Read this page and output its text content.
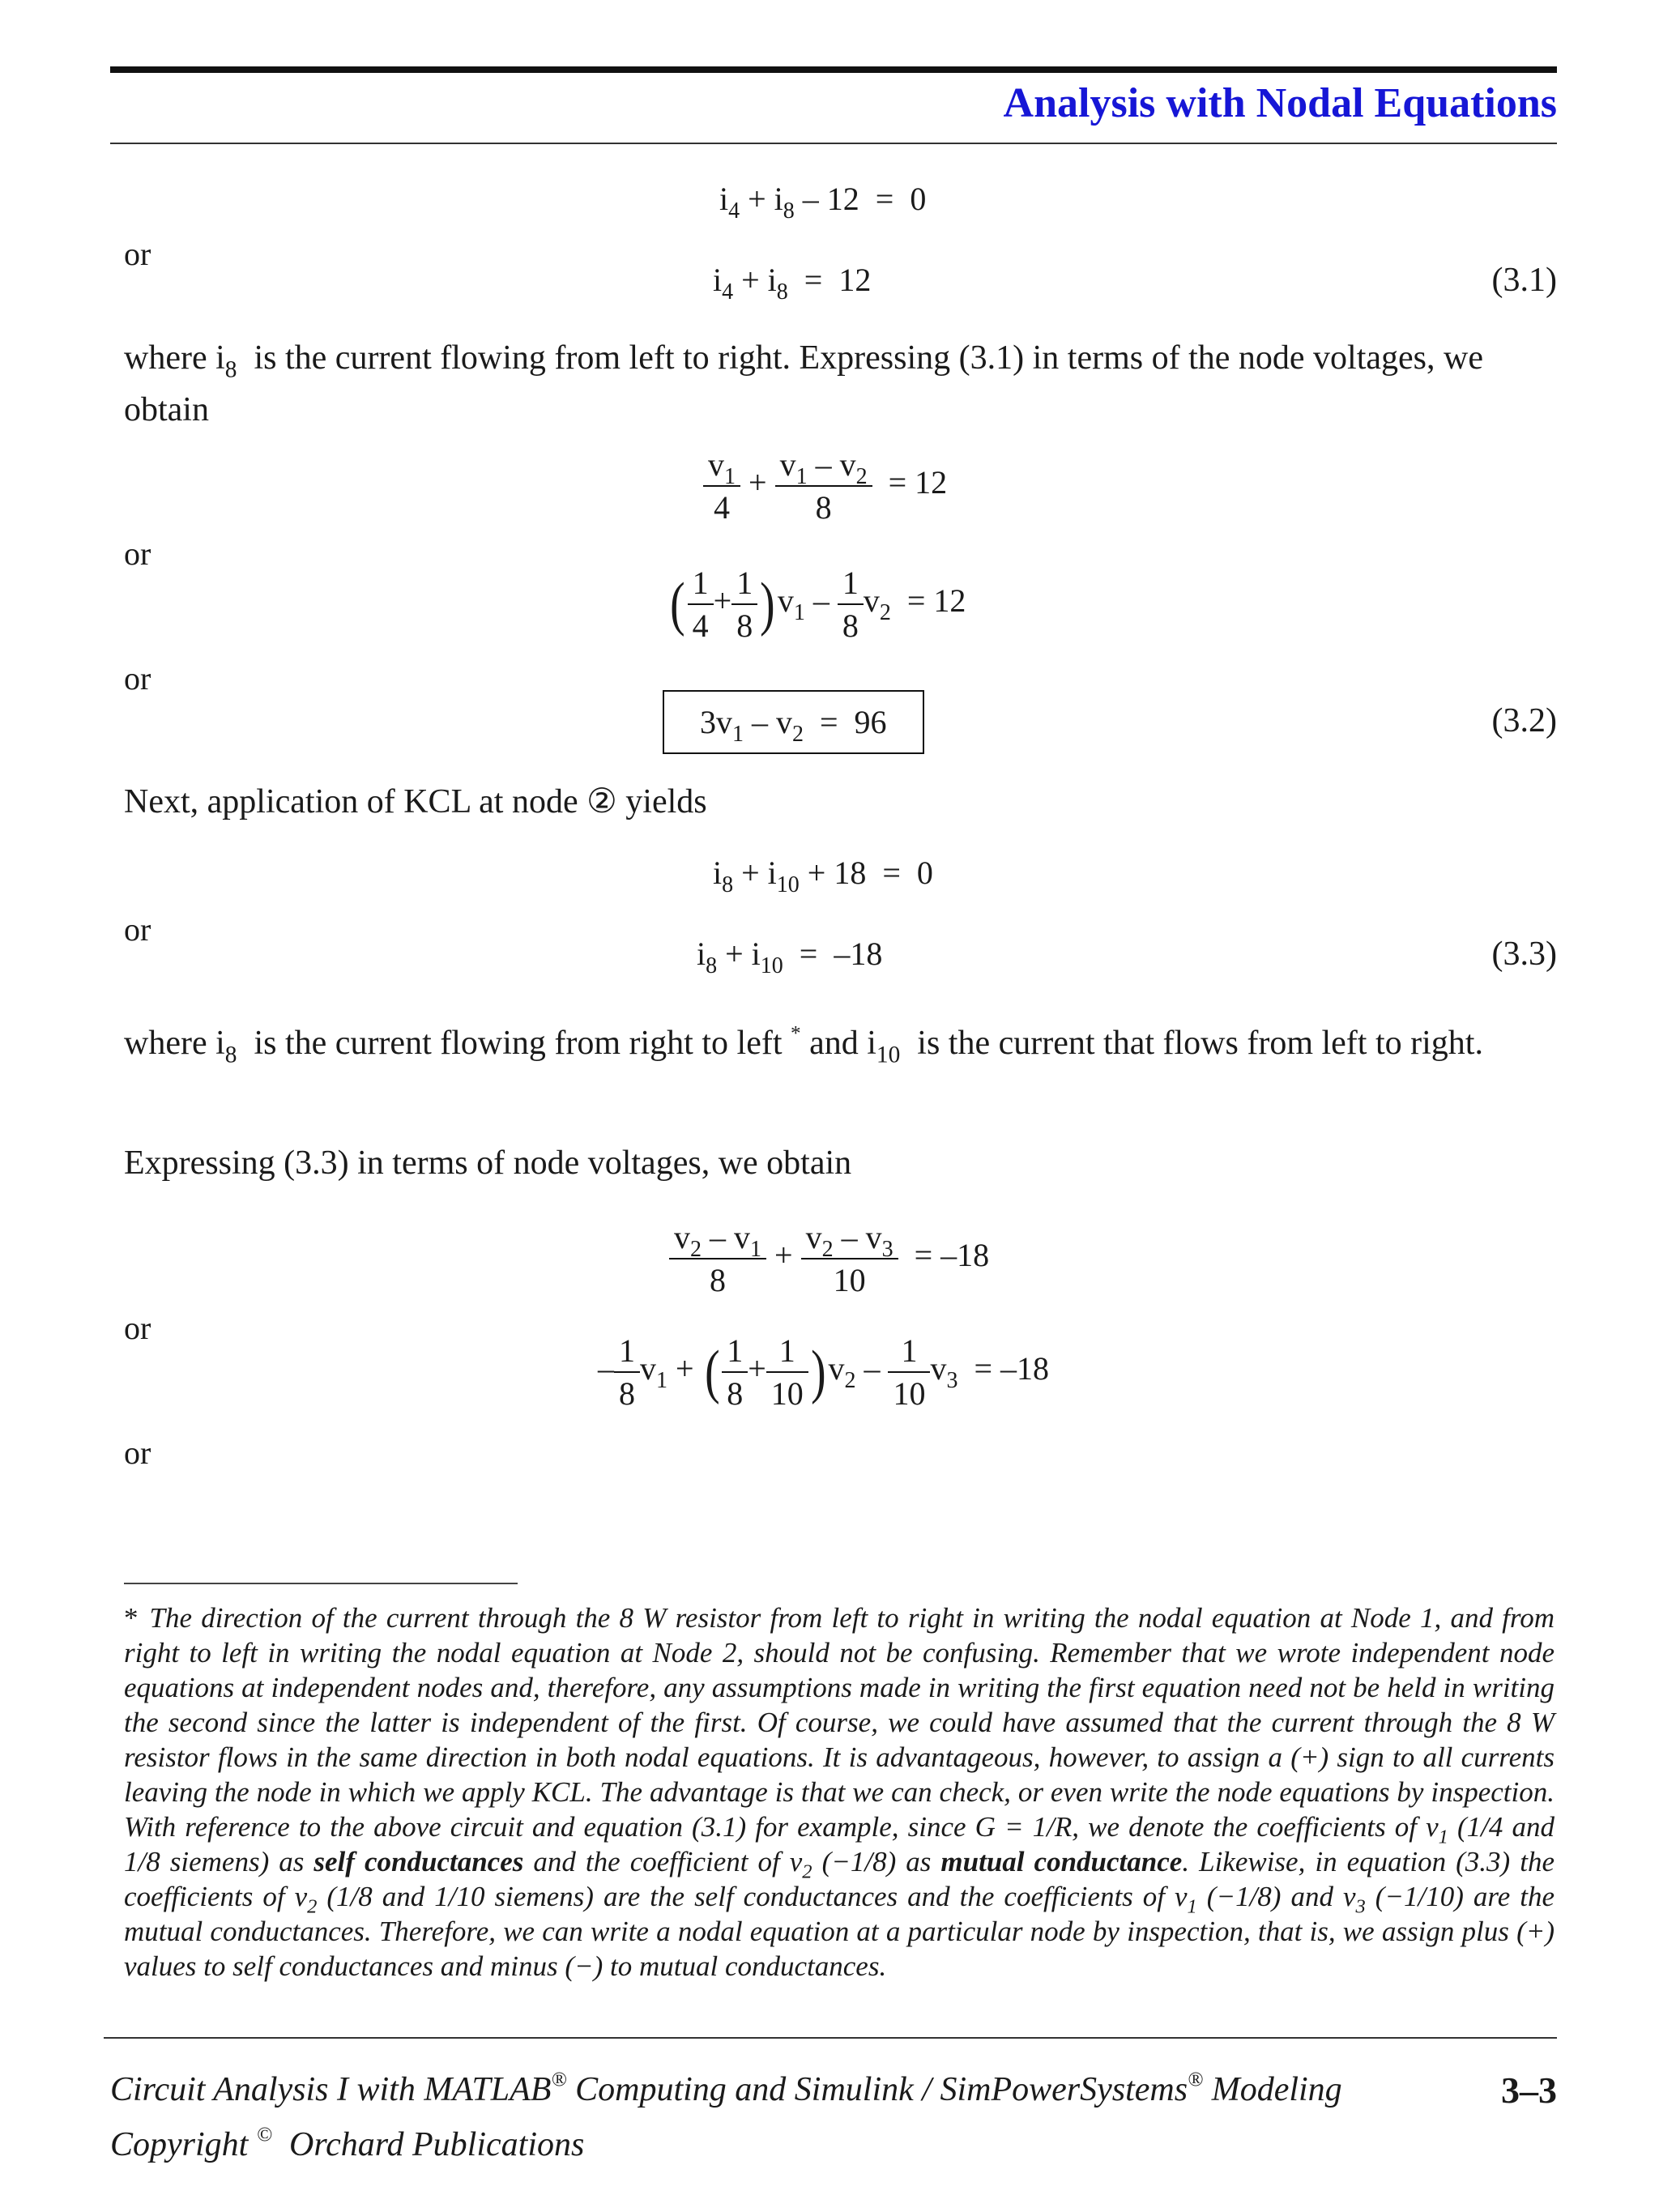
Analysis with Nodal Equations
$i_4 + i_8 - 12 = 0$
or
$i_4 + i_8 = 12$	(3.1)
where $i_8$  is the current flowing from left to right. Expressing (3.1) in terms of the node voltages, we obtain
$\frac{v_1}{4} + \frac{v_1 - v_2}{8} = 12$
or
( $\frac{1}{4} + \frac{1}{8} )v_1 - \frac{1}{8} v_2 = 12$
or
$3v_1 - v_2 = 96$	(3.2)
Next, application of KCL at node ② yields
$i_8 + i_{10} + 18 = 0$
or
$i_8 + i_{10} = -18$	(3.3)
where $i_8$  is the current flowing from right to left * and $i_{10}$  is the current that flows from left to right.
Expressing (3.3) in terms of node voltages, we obtain
$\frac{v_2 - v_1}{8} + \frac{v_2 - v_3}{10} = -18$
or
– $\frac{1}{8} v_1$ + ( $\frac{1}{8} + \frac{1}{10} )v_2 - \frac{1}{10} v_3 = -18$
or
* The direction of the current through the 8 W resistor from left to right in writing the nodal equation at Node 1, and from right to left in writing the nodal equation at Node 2, should not be confusing. Remember that we wrote independent node equations at independent nodes and, therefore, any assumptions made in writing the first equation need not be held in writing the second since the latter is independent of the first. Of course, we could have assumed that the current through the 8 W resistor flows in the same direction in both nodal equations. It is advantageous, however, to assign a (+) sign to all currents leaving the node in which we apply KCL. The advantage is that we can check, or even write the node equations by inspection. With reference to the above circuit and equation (3.1) for example, since G = 1/R, we denote the coefficients of $v_1$ (1/4 and 1/8 siemens) as self conductances and the coefficient of $v_2$ (−1/8) as mutual conductance. Likewise, in equation (3.3) the coefficients of $v_2$ (1/8 and 1/10 siemens) are the self conductances and the coefficients of $v_1$ (−1/8) and $v_3$ (−1/10) are the mutual conductances. Therefore, we can write a nodal equation at a particular node by inspection, that is, we assign plus (+) values to self conductances and minus (−) to mutual conductances.
Circuit Analysis I with MATLAB® Computing and Simulink / SimPowerSystems® Modeling
Copyright ©  Orchard Publications
3–3
